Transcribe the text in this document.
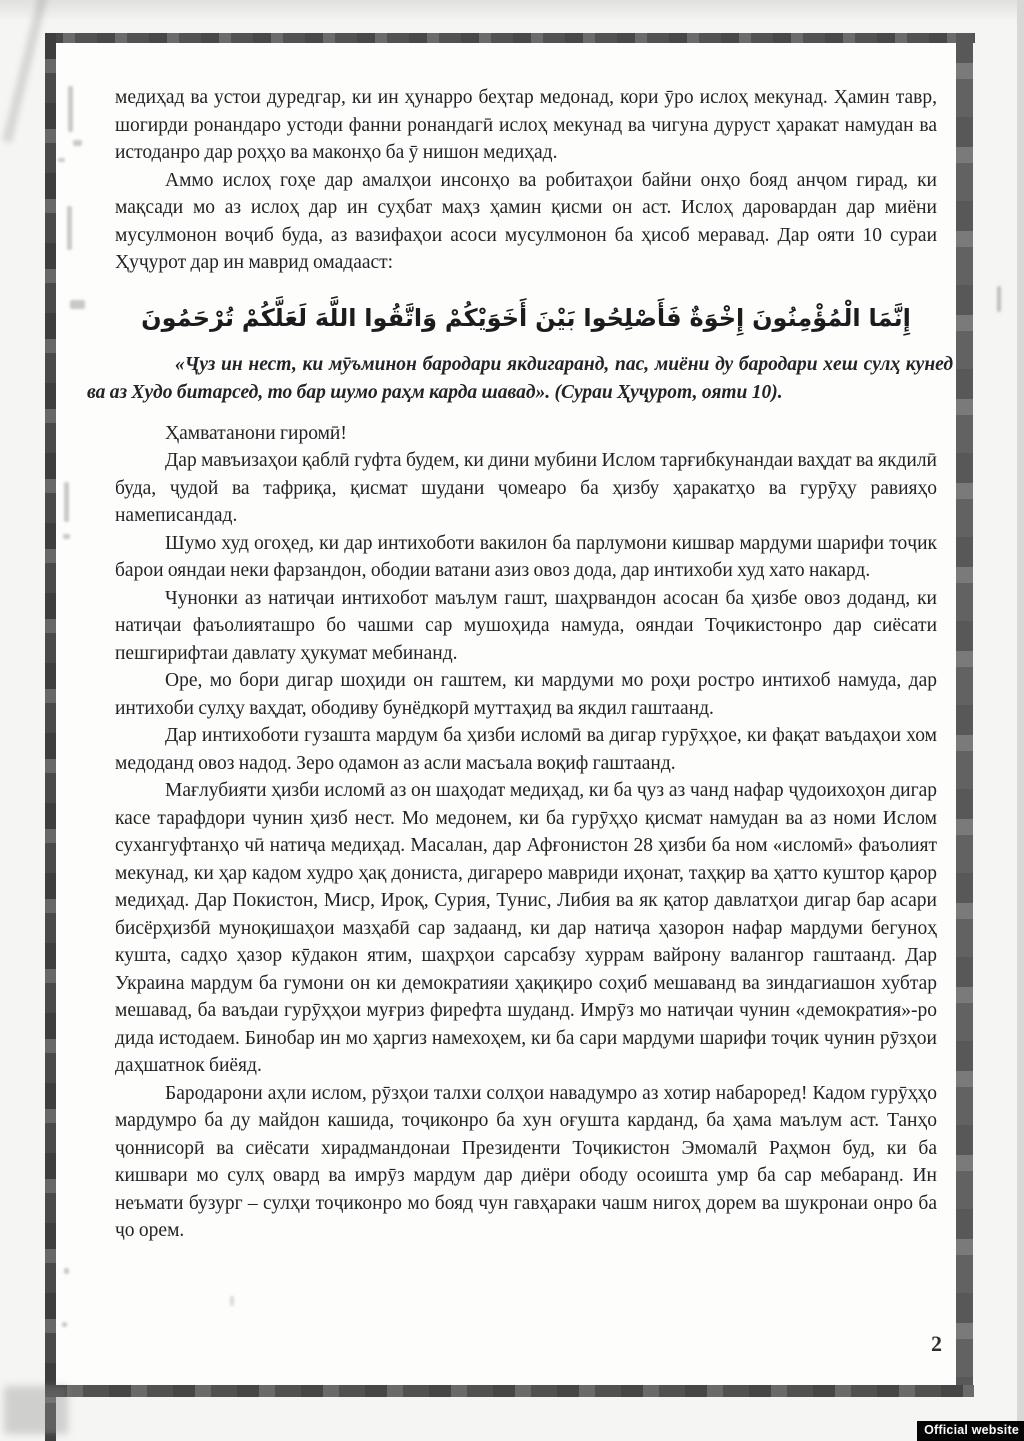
медиҳад ва устои дуредгар, ки ин ҳунарро беҳтар медонад, кори ӯро ислоҳ мекунад. Ҳамин тавр, шогирди ронандаро устоди фанни ронандагӣ ислоҳ мекунад ва чигуна дуруст ҳаракат намудан ва истоданро дар роҳҳо ва маконҳо ба ӯ нишон медиҳад.

Аммо ислоҳ гоҳе дар амалҳои инсонҳо ва робитаҳои байни онҳо бояд анҷом гирад, ки мақсади мо аз ислоҳ дар ин суҳбат маҳз ҳамин қисми он аст. Ислоҳ даровардан дар миёни мусулмонон воҷиб буда, аз вазифаҳои асоси мусулмонон ба ҳисоб меравад. Дар ояти 10 сураи Ҳуҷурот дар ин маврид омадааст:

إِنَّمَا الْمُؤْمِنُونَ إِخْوَةٌ فَأَصْلِحُوا بَيْنَ أَخَوَيْكُمْ وَاتَّقُوا اللَّهَ لَعَلَّكُمْ تُرْحَمُونَ

«Ҷуз ин нест, ки мӯъминон бародари якдигаранд, пас, миёни ду бародари хеш сулҳ кунед ва аз Худо битарсед, то бар шумо раҳм карда шавад». (Сураи Ҳуҷурот, ояти 10).

Ҳамватанони гиромӣ!

Дар мавъизаҳои қаблӣ гуфта будем, ки дини мубини Ислом тарғибкунандаи ваҳдат ва якдилӣ буда, ҷудой ва тафриқа, қисмат шудани ҷомеаро ба ҳизбу ҳаракатҳо ва гурӯҳу равияҳо намеписандад.

Шумо худ огоҳед, ки дар интихоботи вакилон ба парлумони кишвар мардуми шарифи тоҷик барои ояндаи неки фарзандон, ободии ватани азиз овоз дода, дар интихоби худ хато накард.

Чунонки аз натиҷаи интихобот маълум гашт, шаҳрвандон асосан ба ҳизбе овоз доданд, ки натиҷаи фаъолияташро бо чашми сар мушоҳида намуда, ояндаи Тоҷикистонро дар сиёсати пешгирифтаи давлату ҳукумат мебинанд.

Оре, мо бори дигар шоҳиди он гаштем, ки мардуми мо роҳи ростро интихоб намуда, дар интихоби сулҳу ваҳдат, ободиву бунёдкорӣ муттаҳид ва якдил гаштаанд.

Дар интихоботи гузашта мардум ба ҳизби исломӣ ва дигар гурӯҳҳое, ки фақат ваъдаҳои хом медоданд овоз надод. Зеро одамон аз асли масъала воқиф гаштаанд.

Мағлубияти ҳизби исломӣ аз он шаҳодат медиҳад, ки ба ҷуз аз чанд нафар ҷудоихоҳон дигар касе тарафдори чунин ҳизб нест. Мо медонем, ки ба гурӯҳҳо қисмат намудан ва аз номи Ислом сухангуфтанҳо чӣ натиҷа медиҳад. Масалан, дар Афғонистон 28 ҳизби ба ном «исломӣ» фаъолият мекунад, ки ҳар кадом худро ҳақ дониста, дигареро мавриди иҳонат, таҳқир ва ҳатто куштор қарор медиҳад. Дар Покистон, Миср, Ироқ, Сурия, Тунис, Либия ва як қатор давлатҳои дигар бар асари бисёрҳизбӣ муноқишаҳои мазҳабӣ сар задаанд, ки дар натиҷа ҳазорон нафар мардуми бегуноҳ кушта, садҳо ҳазор кӯдакон ятим, шаҳрҳои сарсабзу хуррам вайрону валангор гаштаанд. Дар Украина мардум ба гумони он ки демократияи ҳақиқиро соҳиб мешаванд ва зиндагиашон хубтар мешавад, ба ваъдаи гурӯҳҳои муғриз фирефта шуданд. Имрӯз мо натиҷаи чунин «демократия»-ро дида истодаем. Бинобар ин мо ҳаргиз намехоҳем, ки ба сари мардуми шарифи тоҷик чунин рӯзҳои даҳшатнок биёяд.

Бародарони аҳли ислом, рӯзҳои талхи солҳои навадумро аз хотир набароред! Кадом гурӯҳҳо мардумро ба ду майдон кашида, тоҷиконро ба хун оғушта карданд, ба ҳама маълум аст. Танҳо ҷоннисорӣ ва сиёсати хирадмандонаи Президенти Тоҷикистон Эмомалӣ Раҳмон буд, ки ба кишвари мо сулҳ овард ва имрӯз мардум дар диёри ободу осоишта умр ба сар мебаранд. Ин неъмати бузург – сулҳи тоҷиконро мо бояд чун гавҳараки чашм нигоҳ дорем ва шукронаи онро ба ҷо орем.

2
Official website
